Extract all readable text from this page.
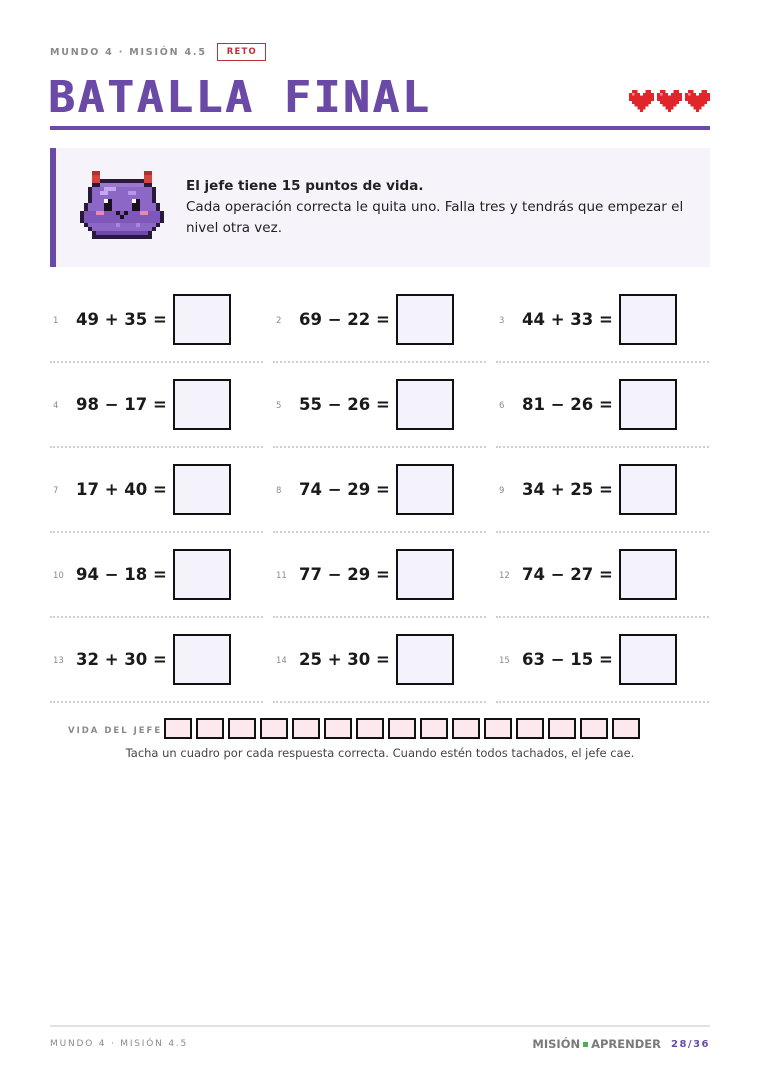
MUNDO 4 · MISIÓN 4.5	RETO
BATALLA FINAL
El jefe tiene 15 puntos de vida.
Cada operación correcta le quita uno. Falla tres y tendrás que empezar el nivel otra vez.
1 49 + 35 =	2 69 − 22 =	3 44 + 33 =
4 98 − 17 =	5 55 − 26 =	6 81 − 26 =
7 17 + 40 =	8 74 − 29 =	9 34 + 25 =
10 94 − 18 =	11 77 − 29 =	12 74 − 27 =
13 32 + 30 =	14 25 + 30 =	15 63 − 15 =
VIDA DEL JEFE
Tacha un cuadro por cada respuesta correcta. Cuando estén todos tachados, el jefe cae.
MUNDO 4 · MISIÓN 4.5	MISIÓN APRENDER 28/36
